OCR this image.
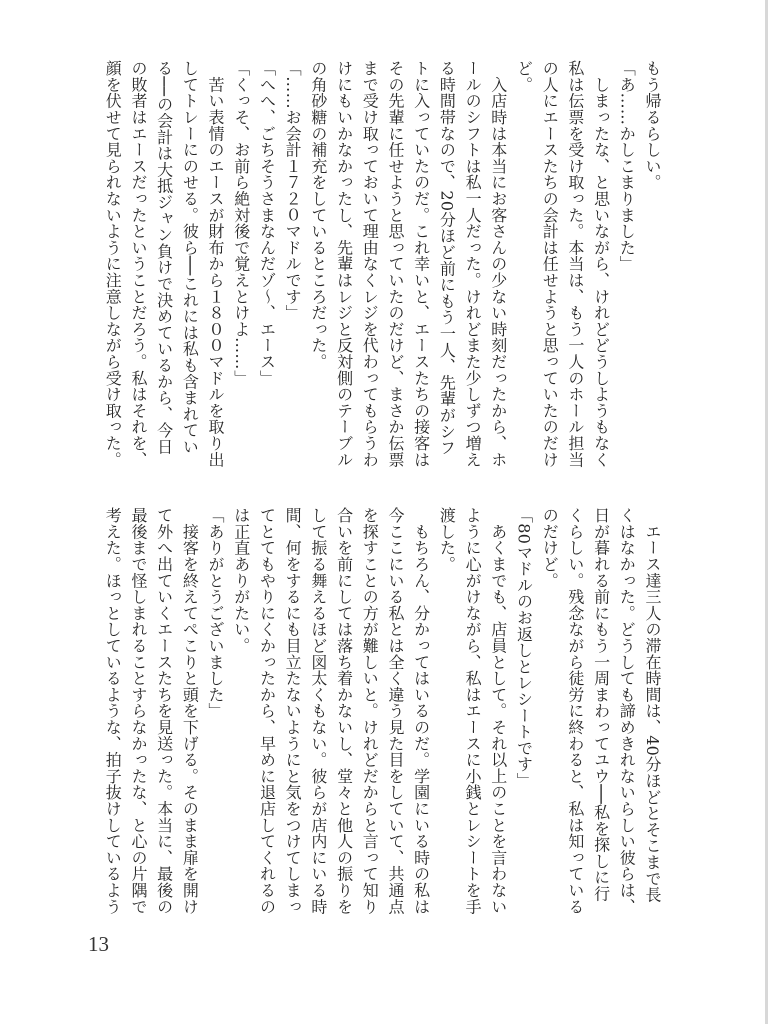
もう帰るらしい。
「あ……かしこまりました」
　しまったな、と思いながら、けれどどうしようもなく
私は伝票を受け取った。本当は、もう一人のホール担当
の人にエースたちの会計は任せようと思っていたのだけ
ど。
　入店時は本当にお客さんの少ない時刻だったから、ホ
ールのシフトは私一人だった。けれどまた少しずつ増え
る時間帯なので、20分ほど前にもう一人、先輩がシフ
トに入っていたのだ。これ幸いと、エースたちの接客は
その先輩に任せようと思っていたのだけど、まさか伝票
まで受け取っておいて理由なくレジを代わってもらうわ
けにもいかなかったし、先輩はレジと反対側のテーブル
の角砂糖の補充をしているところだった。
「……お会計１７２０マドルです」
「へへ、ごちそうさまなんだゾ～、エース」
「くっそ、お前ら絶対後で覚えとけよ……」
　苦い表情のエースが財布から１８００マドルを取り出
してトレーにのせる。彼ら──これには私も含まれてい
る──の会計は大抵ジャン負けで決めているから、今日
の敗者はエースだったということだろう。私はそれを、
顔を伏せて見られないように注意しながら受け取った。
　エース達三人の滞在時間は、40分ほどとそこまで長
くはなかった。どうしても諦めきれないらしい彼らは、
日が暮れる前にもう一周まわってユウ──私を探しに行
くらしい。残念ながら徒労に終わると、私は知っている
のだけど。
「80マドルのお返しとレシートです」
　あくまでも、店員として。それ以上のことを言わない
ように心がけながら、私はエースに小銭とレシートを手
渡した。
　もちろん、分かってはいるのだ。学園にいる時の私は
今ここにいる私とは全く違う見た目をしていて、共通点
を探すことの方が難しいと。けれどだからと言って知り
合いを前にしては落ち着かないし、堂々と他人の振りを
して振る舞えるほど図太くもない。彼らが店内にいる時
間、何をするにも目立たないようにと気をつけてしまっ
てとてもやりにくかったから、早めに退店してくれるの
は正直ありがたい。
「ありがとうございました」
　接客を終えてぺこりと頭を下げる。そのまま扉を開け
て外へ出ていくエースたちを見送った。本当に、最後の
最後まで怪しまれることすらなかったな、と心の片隅で
考えた。ほっとしているような、拍子抜けしているよう
13
